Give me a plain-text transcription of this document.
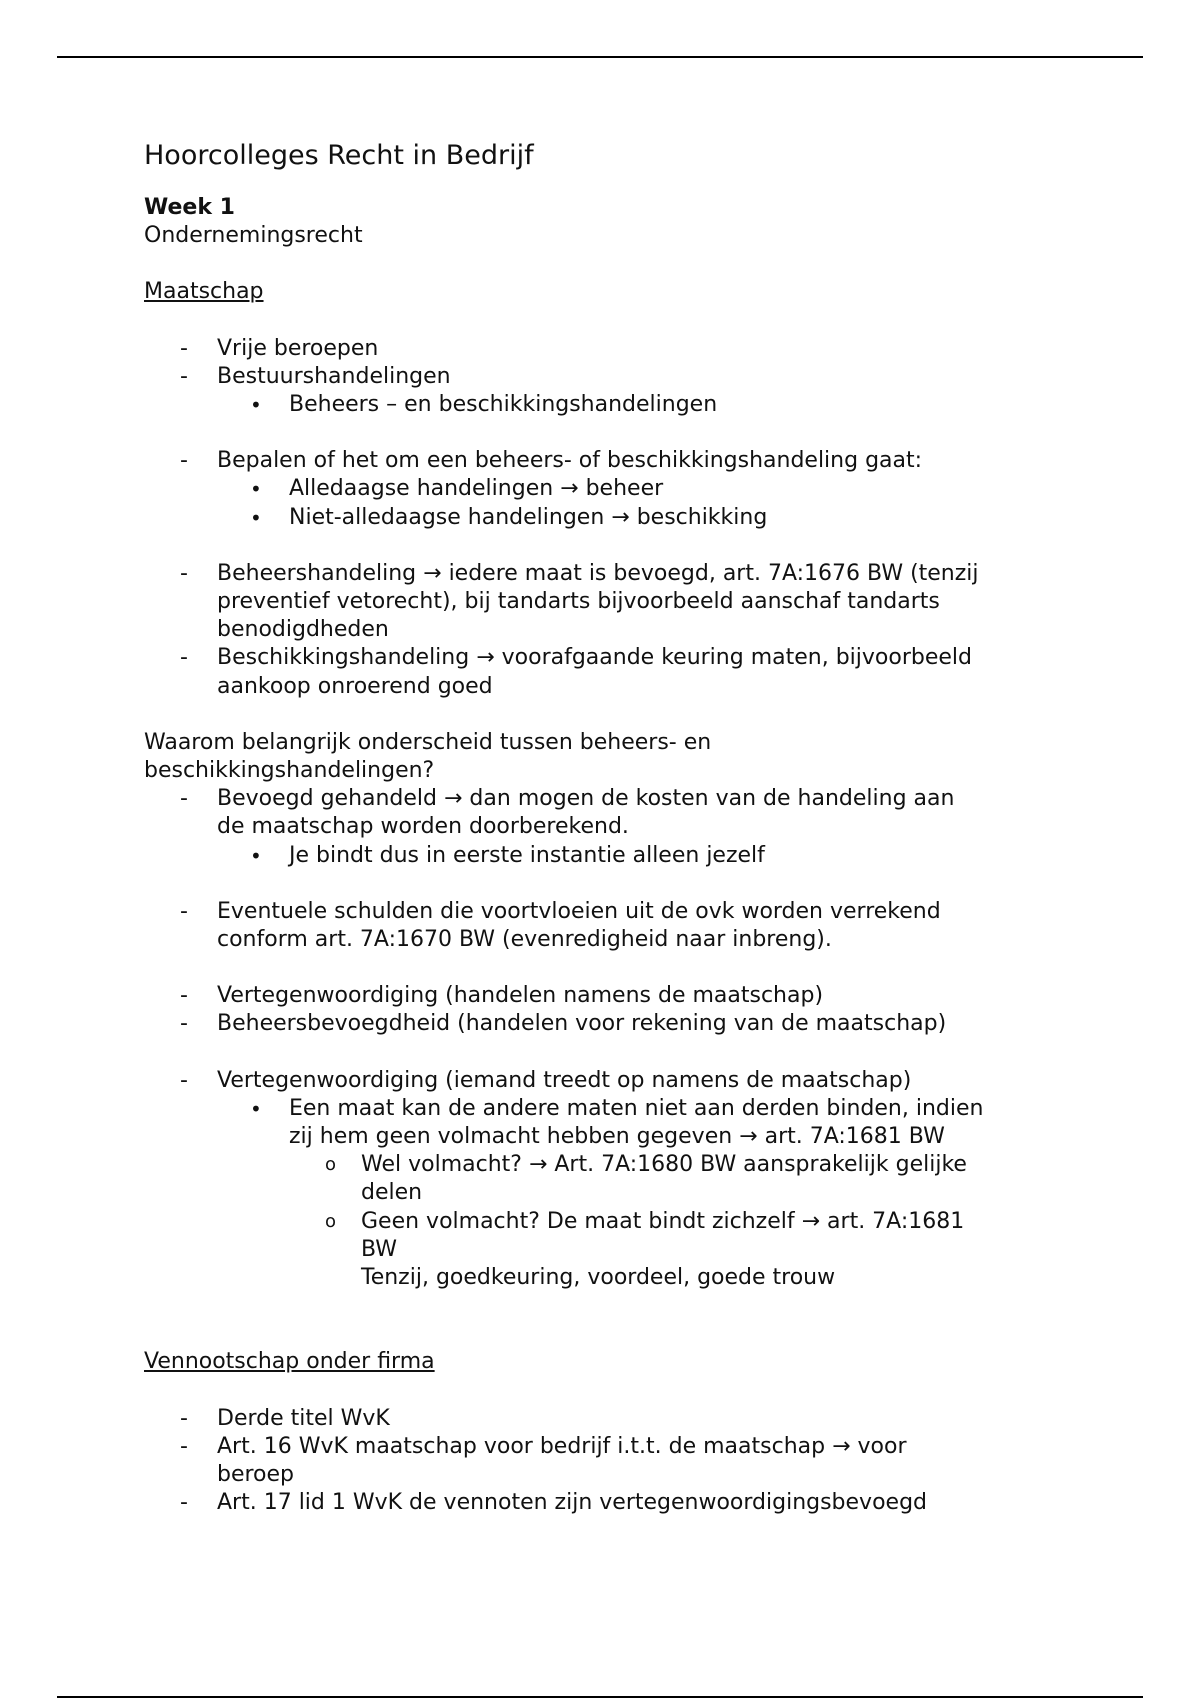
Hoorcolleges Recht in Bedrijf
Week 1
Ondernemingsrecht
Maatschap
- Vrije beroepen
- Bestuurshandelingen
• Beheers – en beschikkingshandelingen
- Bepalen of het om een beheers- of beschikkingshandeling gaat:
• Alledaagse handelingen → beheer
• Niet-alledaagse handelingen → beschikking
- Beheershandeling → iedere maat is bevoegd, art. 7A:1676 BW (tenzij
preventief vetorecht), bij tandarts bijvoorbeeld aanschaf tandarts
benodigdheden
- Beschikkingshandeling → voorafgaande keuring maten, bijvoorbeeld
aankoop onroerend goed
Waarom belangrijk onderscheid tussen beheers- en
beschikkingshandelingen?
- Bevoegd gehandeld → dan mogen de kosten van de handeling aan
de maatschap worden doorberekend.
• Je bindt dus in eerste instantie alleen jezelf
- Eventuele schulden die voortvloeien uit de ovk worden verrekend
conform art. 7A:1670 BW (evenredigheid naar inbreng).
- Vertegenwoordiging (handelen namens de maatschap)
- Beheersbevoegdheid (handelen voor rekening van de maatschap)
- Vertegenwoordiging (iemand treedt op namens de maatschap)
• Een maat kan de andere maten niet aan derden binden, indien
zij hem geen volmacht hebben gegeven → art. 7A:1681 BW
o Wel volmacht? → Art. 7A:1680 BW aansprakelijk gelijke
delen
o Geen volmacht? De maat bindt zichzelf → art. 7A:1681
BW
Tenzij, goedkeuring, voordeel, goede trouw
Vennootschap onder firma
- Derde titel WvK
- Art. 16 WvK maatschap voor bedrijf i.t.t. de maatschap → voor
beroep
- Art. 17 lid 1 WvK de vennoten zijn vertegenwoordigingsbevoegd
